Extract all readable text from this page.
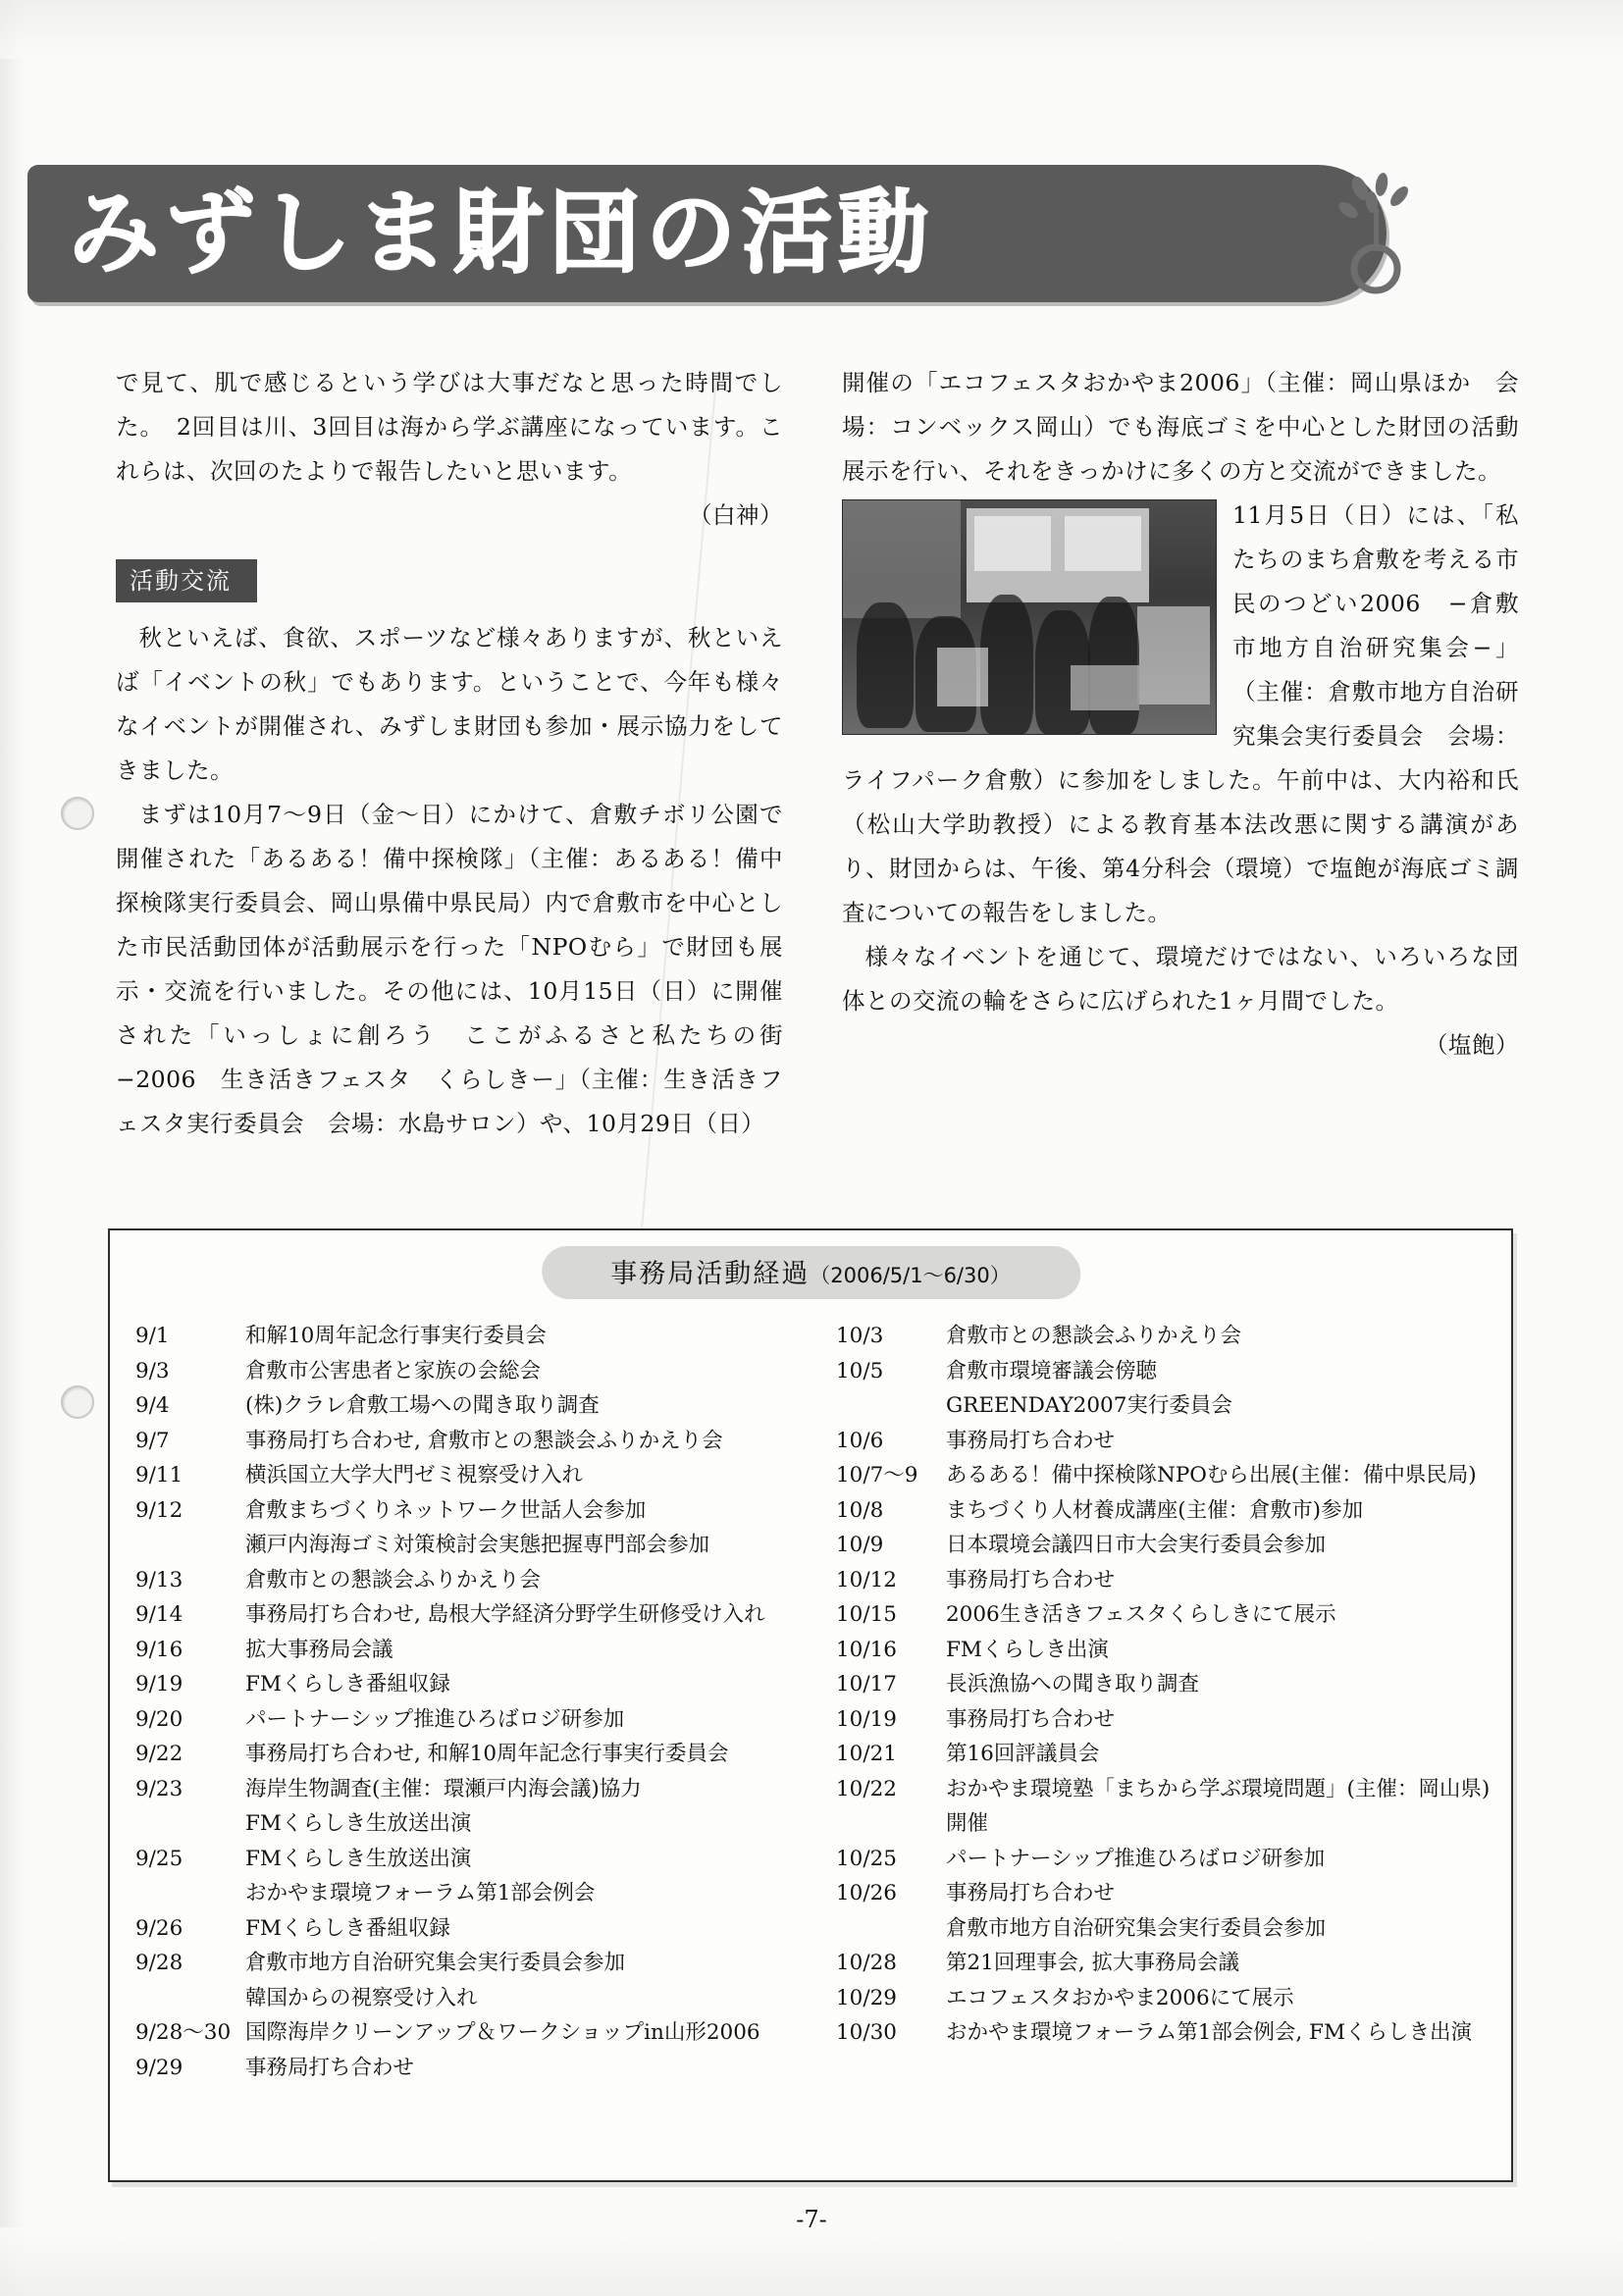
みずしま財団の活動

で見て、肌で感じるという学びは大事だなと思った時間でした。　2回目は川、3回目は海から学ぶ講座になっています。これらは、次回のたよりで報告したいと思います。

（白神）

活動交流

秋といえば、食欲、スポーツなど様々ありますが、秋といえば「イベントの秋」でもあります。ということで、今年も様々なイベントが開催され、みずしま財団も参加・展示協力をしてきました。

まずは10月7〜9日（金〜日）にかけて、倉敷チボリ公園で開催された「あるある！備中探検隊」（主催：あるある！備中探検隊実行委員会、岡山県備中県民局）内で倉敷市を中心とした市民活動団体が活動展示を行った「NPOむら」で財団も展示・交流を行いました。その他には、10月15日（日）に開催された「いっしょに創ろう　ここがふるさと私たちの街　−2006　生き活きフェスタ　くらしきー」（主催：生き活きフェスタ実行委員会　会場：水島サロン）や、10月29日（日）

開催の「エコフェスタおかやま2006」（主催：岡山県ほか　会場：コンベックス岡山）でも海底ゴミを中心とした財団の活動展示を行い、それをきっかけに多くの方と交流ができました。

11月5日（日）には、「私たちのまち倉敷を考える市民のつどい2006　−倉敷市地方自治研究集会−」（主催：倉敷市地方自治研究集会実行委員会　会場：ライフパーク倉敷）に参加をしました。午前中は、大内裕和氏（松山大学助教授）による教育基本法改悪に関する講演があり、財団からは、午後、第4分科会（環境）で塩飽が海底ゴミ調査についての報告をしました。

様々なイベントを通じて、環境だけではない、いろいろな団体との交流の輪をさらに広げられた1ヶ月間でした。

（塩飽）

事務局活動経過（2006/5/1〜6/30）
9/1	和解10周年記念行事実行委員会
9/3	倉敷市公害患者と家族の会総会
9/4	(株)クラレ倉敷工場への聞き取り調査
9/7	事務局打ち合わせ, 倉敷市との懇談会ふりかえり会
9/11	横浜国立大学大門ゼミ視察受け入れ
9/12	倉敷まちづくりネットワーク世話人会参加
瀬戸内海海ゴミ対策検討会実態把握専門部会参加
9/13	倉敷市との懇談会ふりかえり会
9/14	事務局打ち合わせ, 島根大学経済分野学生研修受け入れ
9/16	拡大事務局会議
9/19	FMくらしき番組収録
9/20	パートナーシップ推進ひろばロジ研参加
9/22	事務局打ち合わせ, 和解10周年記念行事実行委員会
9/23	海岸生物調査(主催：環瀬戸内海会議)協力
FMくらしき生放送出演
9/25	FMくらしき生放送出演
おかやま環境フォーラム第1部会例会
9/26	FMくらしき番組収録
9/28	倉敷市地方自治研究集会実行委員会参加
韓国からの視察受け入れ
9/28〜30 国際海岸クリーンアップ＆ワークショップin山形2006
9/29	事務局打ち合わせ
10/3	倉敷市との懇談会ふりかえり会
10/5	倉敷市環境審議会傍聴
GREENDAY2007実行委員会
10/6	事務局打ち合わせ
10/7〜9	あるある！備中探検隊NPOむら出展(主催：備中県民局)
10/8	まちづくり人材養成講座(主催：倉敷市)参加
10/9	日本環境会議四日市大会実行委員会参加
10/12	事務局打ち合わせ
10/15	2006生き活きフェスタくらしきにて展示
10/16	FMくらしき出演
10/17	長浜漁協への聞き取り調査
10/19	事務局打ち合わせ
10/21	第16回評議員会
10/22	おかやま環境塾「まちから学ぶ環境問題」(主催：岡山県)開催
10/25	パートナーシップ推進ひろばロジ研参加
10/26	事務局打ち合わせ
倉敷市地方自治研究集会実行委員会参加
10/28	第21回理事会, 拡大事務局会議
10/29	エコフェスタおかやま2006にて展示
10/30	おかやま環境フォーラム第1部会例会, FMくらしき出演
-7-
